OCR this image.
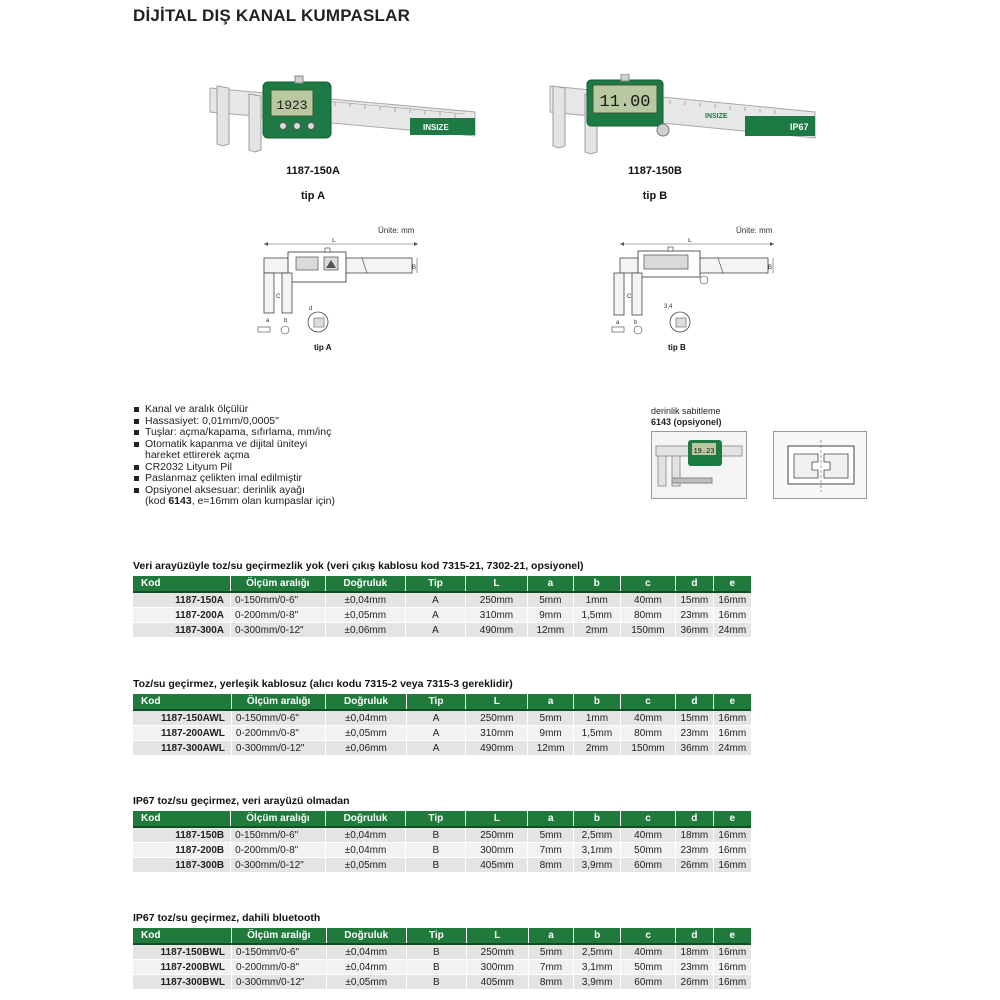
DİJİTAL DIŞ KANAL KUMPASLAR
INSIZE
1923
1187-150A
tip A
IP67
INSIZE
11.00
1187-150B
tip B
Ünite: mm	Ünite: mm
L
B
C
a b
d
tip A
L
B
C
a b
3,4
tip B
Kanal ve aralık ölçülür
Hassasiyet: 0,01mm/0,0005"
Tuşlar: açma/kapama, sıfırlama, mm/inç
Otomatik kapanma ve dijital üniteyi
hareket ettirerek açma
CR2032 Lityum Pil
Paslanmaz çelikten imal edilmiştir
Opsiyonel aksesuar: derinlik ayağı
(kod 6143, e=16mm olan kumpaslar için)
derinlik sabitleme
6143 (opsiyonel)
19.23
Veri arayüzüyle toz/su geçirmezlik yok (veri çıkış kablosu kod 7315-21, 7302-21, opsiyonel)
Kod	Ölçüm aralığı	Doğruluk	Tip	L	a	b	c	d	e
1187-150A	0-150mm/0-6"	±0,04mm	A	250mm	5mm	1mm	40mm	15mm	16mm
1187-200A	0-200mm/0-8"	±0,05mm	A	310mm	9mm	1,5mm	80mm	23mm	16mm
1187-300A	0-300mm/0-12"	±0,06mm	A	490mm	12mm	2mm	150mm	36mm	24mm
Toz/su geçirmez, yerleşik kablosuz (alıcı kodu 7315-2 veya 7315-3 gereklidir)
Kod	Ölçüm aralığı	Doğruluk	Tip	L	a	b	c	d	e
1187-150AWL	0-150mm/0-6"	±0,04mm	A	250mm	5mm	1mm	40mm	15mm	16mm
1187-200AWL	0-200mm/0-8"	±0,05mm	A	310mm	9mm	1,5mm	80mm	23mm	16mm
1187-300AWL	0-300mm/0-12"	±0,06mm	A	490mm	12mm	2mm	150mm	36mm	24mm
IP67 toz/su geçirmez, veri arayüzü olmadan
Kod	Ölçüm aralığı	Doğruluk	Tip	L	a	b	c	d	e
1187-150B	0-150mm/0-6"	±0,04mm	B	250mm	5mm	2,5mm	40mm	18mm	16mm
1187-200B	0-200mm/0-8"	±0,04mm	B	300mm	7mm	3,1mm	50mm	23mm	16mm
1187-300B	0-300mm/0-12"	±0,05mm	B	405mm	8mm	3,9mm	60mm	26mm	16mm
IP67 toz/su geçirmez, dahili bluetooth
Kod	Ölçüm aralığı	Doğruluk	Tip	L	a	b	c	d	e
1187-150BWL	0-150mm/0-6"	±0,04mm	B	250mm	5mm	2,5mm	40mm	18mm	16mm
1187-200BWL	0-200mm/0-8"	±0,04mm	B	300mm	7mm	3,1mm	50mm	23mm	16mm
1187-300BWL	0-300mm/0-12"	±0,05mm	B	405mm	8mm	3,9mm	60mm	26mm	16mm
